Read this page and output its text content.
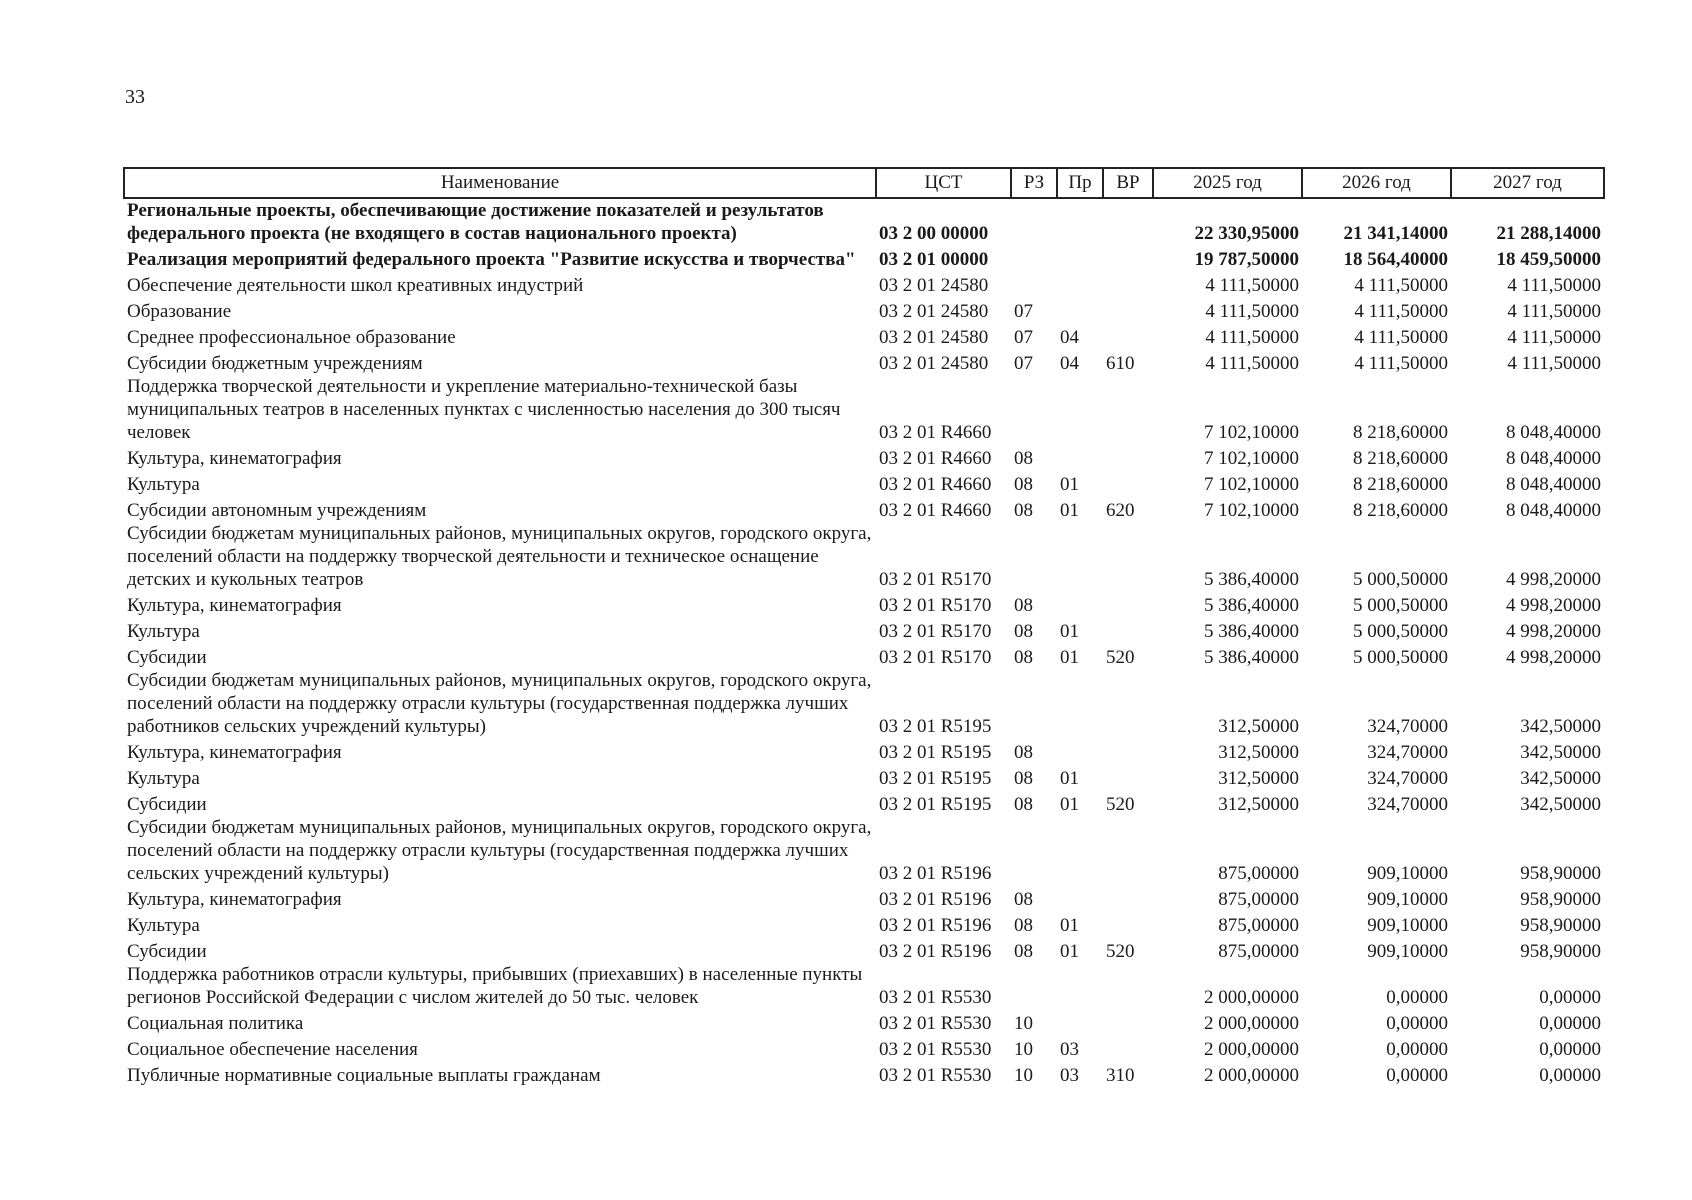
33
Наименование	ЦСТ	РЗ	Пр	ВР	2025 год	2026 год	2027 год
Региональные проекты, обеспечивающие достижение показателей и результатов федерального проекта (не входящего в состав национального проекта)	03 2 00 00000				22 330,95000	21 341,14000	21 288,14000
Реализация мероприятий федерального проекта "Развитие искусства и творчества"	03 2 01 00000				19 787,50000	18 564,40000	18 459,50000
Обеспечение деятельности школ креативных индустрий	03 2 01 24580				4 111,50000	4 111,50000	4 111,50000
Образование	03 2 01 24580	07			4 111,50000	4 111,50000	4 111,50000
Среднее профессиональное образование	03 2 01 24580	07	04		4 111,50000	4 111,50000	4 111,50000
Субсидии бюджетным учреждениям	03 2 01 24580	07	04	610	4 111,50000	4 111,50000	4 111,50000
Поддержка творческой деятельности и укрепление материально-технической базы муниципальных театров в населенных пунктах с численностью населения до 300 тысяч человек	03 2 01 R4660				7 102,10000	8 218,60000	8 048,40000
Культура, кинематография	03 2 01 R4660	08			7 102,10000	8 218,60000	8 048,40000
Культура	03 2 01 R4660	08	01		7 102,10000	8 218,60000	8 048,40000
Субсидии автономным учреждениям	03 2 01 R4660	08	01	620	7 102,10000	8 218,60000	8 048,40000
Субсидии бюджетам муниципальных районов, муниципальных округов, городского округа, поселений области на поддержку творческой деятельности и техническое оснащение детских и кукольных театров	03 2 01 R5170				5 386,40000	5 000,50000	4 998,20000
Культура, кинематография	03 2 01 R5170	08			5 386,40000	5 000,50000	4 998,20000
Культура	03 2 01 R5170	08	01		5 386,40000	5 000,50000	4 998,20000
Субсидии	03 2 01 R5170	08	01	520	5 386,40000	5 000,50000	4 998,20000
Субсидии бюджетам муниципальных районов, муниципальных округов, городского округа, поселений области на поддержку отрасли культуры (государственная поддержка лучших работников сельских учреждений культуры)	03 2 01 R5195				312,50000	324,70000	342,50000
Культура, кинематография	03 2 01 R5195	08			312,50000	324,70000	342,50000
Культура	03 2 01 R5195	08	01		312,50000	324,70000	342,50000
Субсидии	03 2 01 R5195	08	01	520	312,50000	324,70000	342,50000
Субсидии бюджетам муниципальных районов, муниципальных округов, городского округа, поселений области на поддержку отрасли культуры (государственная поддержка лучших сельских учреждений культуры)	03 2 01 R5196				875,00000	909,10000	958,90000
Культура, кинематография	03 2 01 R5196	08			875,00000	909,10000	958,90000
Культура	03 2 01 R5196	08	01		875,00000	909,10000	958,90000
Субсидии	03 2 01 R5196	08	01	520	875,00000	909,10000	958,90000
Поддержка работников отрасли культуры, прибывших (приехавших) в населенные пункты регионов Российской Федерации с числом жителей до 50 тыс. человек	03 2 01 R5530				2 000,00000	0,00000	0,00000
Социальная политика	03 2 01 R5530	10			2 000,00000	0,00000	0,00000
Социальное обеспечение населения	03 2 01 R5530	10	03		2 000,00000	0,00000	0,00000
Публичные нормативные социальные выплаты гражданам	03 2 01 R5530	10	03	310	2 000,00000	0,00000	0,00000
